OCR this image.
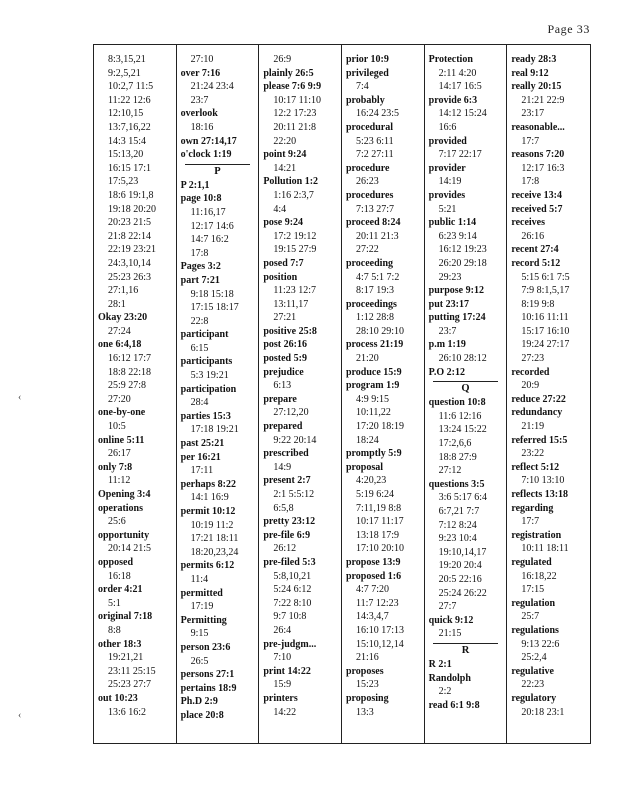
Page 33
‹
‹
8:3,15,21
9:2,5,21
10:2,7 11:5
11:22 12:6
12:10,15
13:7,16,22
14:3 15:4
15:13,20
16:15 17:1
17:5,23
18:6 19:1,8
19:18 20:20
20:23 21:5
21:8 22:14
22:19 23:21
24:3,10,14
25:23 26:3
27:1,16
28:1
Okay 23:20
27:24
one 6:4,18
16:12 17:7
18:8 22:18
25:9 27:8
27:20
one-by-one
10:5
online 5:11
26:17
only 7:8
11:12
Opening 3:4
operations
25:6
opportunity
20:14 21:5
opposed
16:18
order 4:21
5:1
original 7:18
8:8
other 18:3
19:21,21
23:11 25:15
25:23 27:7
out 10:23
13:6 16:2
27:10
over 7:16
21:24 23:4
23:7
overlook
18:16
own 27:14,17
o'clock 1:19
P
P 2:1,1
page 10:8
11:16,17
12:17 14:6
14:7 16:2
17:8
Pages 3:2
part 7:21
9:18 15:18
17:15 18:17
22:8
participant
6:15
participants
5:3 19:21
participation
28:4
parties 15:3
17:18 19:21
past 25:21
per 16:21
17:11
perhaps 8:22
14:1 16:9
permit 10:12
10:19 11:2
17:21 18:11
18:20,23,24
permits 6:12
11:4
permitted
17:19
Permitting
9:15
person 23:6
26:5
persons 27:1
pertains 18:9
Ph.D 2:9
place 20:8
26:9
plainly 26:5
please 7:6 9:9
10:17 11:10
12:2 17:23
20:11 21:8
22:20
point 9:24
14:21
Pollution 1:2
1:16 2:3,7
4:4
pose 9:24
17:2 19:12
19:15 27:9
posed 7:7
position
11:23 12:7
13:11,17
27:21
positive 25:8
post 26:16
posted 5:9
prejudice
6:13
prepare
27:12,20
prepared
9:22 20:14
prescribed
14:9
present 2:7
2:1 5:5:12
6:5,8
pretty 23:12
pre-file 6:9
26:12
pre-filed 5:3
5:8,10,21
5:24 6:12
7:22 8:10
9:7 10:8
26:4
pre-judgm...
7:10
print 14:22
15:9
printers
14:22
prior 10:9
privileged
7:4
probably
16:24 23:5
procedural
5:23 6:11
7:2 27:11
procedure
26:23
procedures
7:13 27:7
proceed 8:24
20:11 21:3
27:22
proceeding
4:7 5:1 7:2
8:17 19:3
proceedings
1:12 28:8
28:10 29:10
process 21:19
21:20
produce 15:9
program 1:9
4:9 9:15
10:11,22
17:20 18:19
18:24
promptly 5:9
proposal
4:20,23
5:19 6:24
7:11,19 8:8
10:17 11:17
13:18 17:9
17:10 20:10
propose 13:9
proposed 1:6
4:7 7:20
11:7 12:23
14:3,4,7
16:10 17:13
15:10,12,14
21:16
proposes
15:23
proposing
13:3
Protection
2:11 4:20
14:17 16:5
provide 6:3
14:12 15:24
16:6
provided
7:17 22:17
provider
14:19
provides
5:21
public 1:14
6:23 9:14
16:12 19:23
26:20 29:18
29:23
purpose 9:12
put 23:17
putting 17:24
23:7
p.m 1:19
26:10 28:12
P.O 2:12
Q
question 10:8
11:6 12:16
13:24 15:22
17:2,6,6
18:8 27:9
27:12
questions 3:5
3:6 5:17 6:4
6:7,21 7:7
7:12 8:24
9:23 10:4
19:10,14,17
19:20 20:4
20:5 22:16
25:24 26:22
27:7
quick 9:12
21:15
R
R 2:1
Randolph
2:2
read 6:1 9:8
ready 28:3
real 9:12
really 20:15
21:21 22:9
23:17
reasonable...
17:7
reasons 7:20
12:17 16:3
17:8
receive 13:4
received 5:7
receives
26:16
recent 27:4
record 5:12
5:15 6:1 7:5
7:9 8:1,5,17
8:19 9:8
10:16 11:11
15:17 16:10
19:24 27:17
27:23
recorded
20:9
reduce 27:22
redundancy
21:19
referred 15:5
23:22
reflect 5:12
7:10 13:10
reflects 13:18
regarding
17:7
registration
10:11 18:11
regulated
16:18,22
17:15
regulation
25:7
regulations
9:13 22:6
25:2,4
regulative
22:23
regulatory
20:18 23:1
